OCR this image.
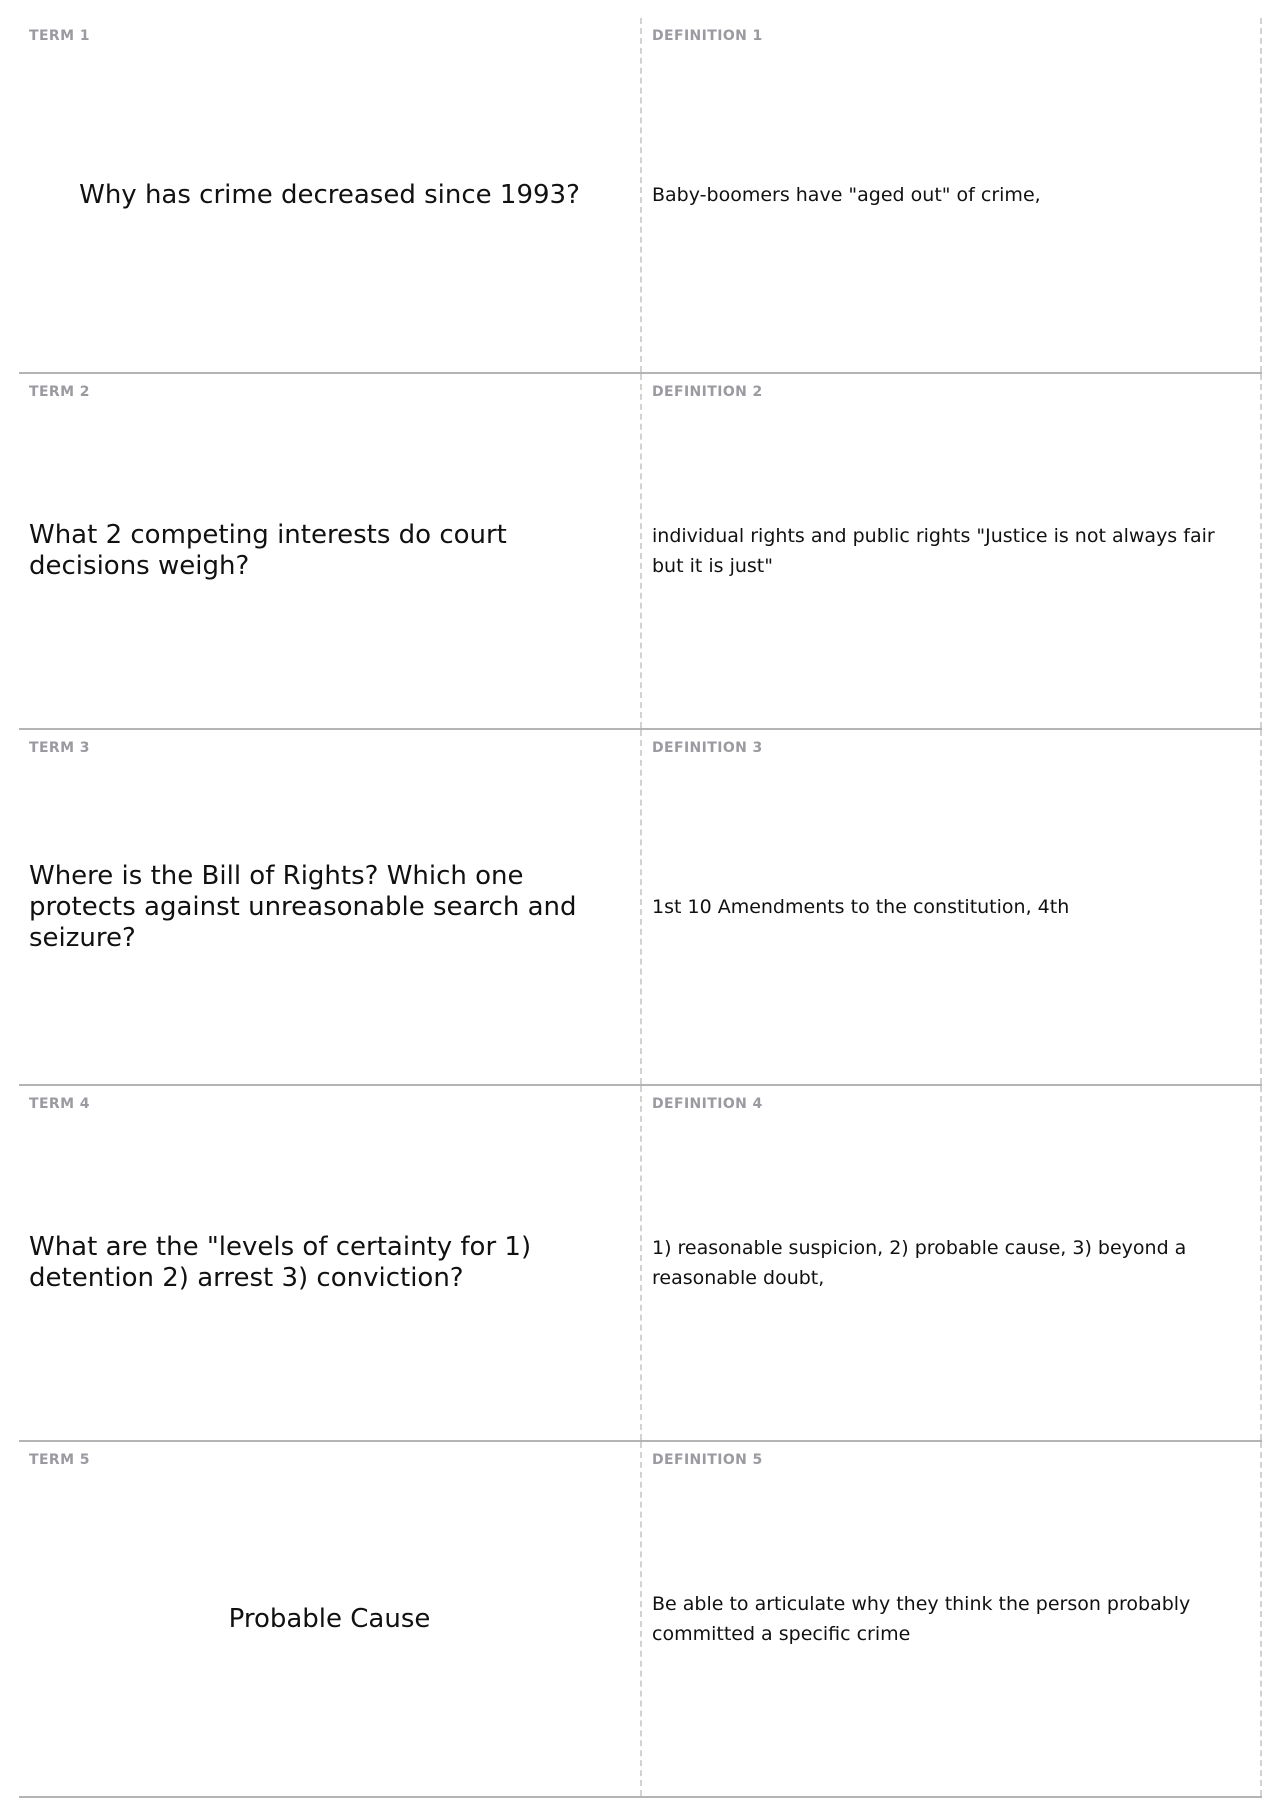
TERM 1
Why has crime decreased since 1993?
DEFINITION 1
Baby-boomers have "aged out" of crime,
TERM 2
What 2 competing interests do court decisions weigh?
DEFINITION 2
individual rights and public rights "Justice is not always fair but it is just"
TERM 3
Where is the Bill of Rights? Which one protects against unreasonable search and seizure?
DEFINITION 3
1st 10 Amendments to the constitution, 4th
TERM 4
What are the "levels of certainty for 1) detention 2) arrest 3) conviction?
DEFINITION 4
1) reasonable suspicion, 2) probable cause, 3) beyond a reasonable doubt,
TERM 5
Probable Cause
DEFINITION 5
Be able to articulate why they think the person probably committed a specific crime
